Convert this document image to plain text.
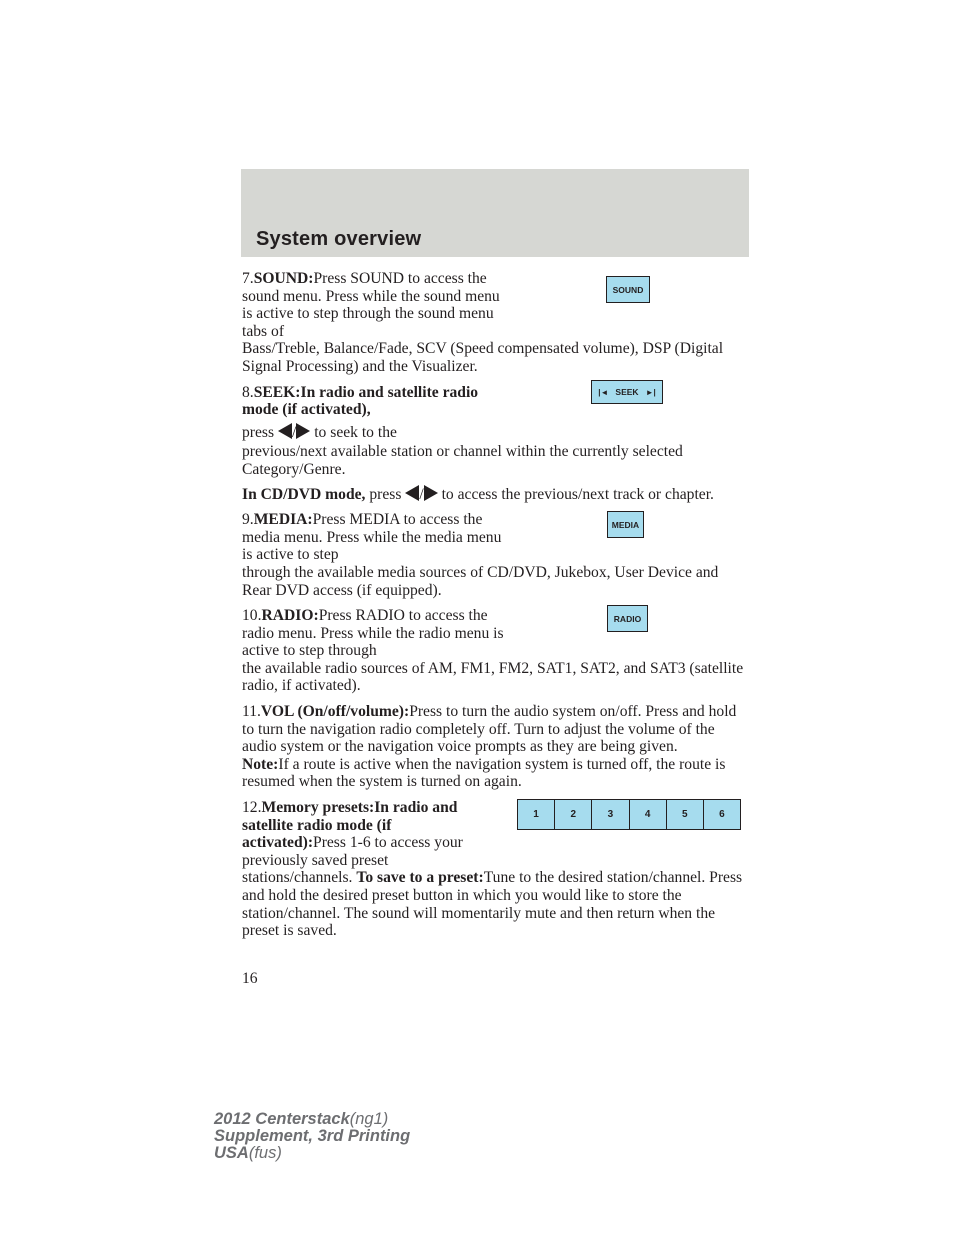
System overview

7.SOUND:Press SOUND to access the sound menu. Press while the sound menu is active to step through the sound menu tabs of

Bass/Treble, Balance/Fade, SCV (Speed compensated volume), DSP (Digital Signal Processing) and the Visualizer.

8.SEEK:In radio and satellite radio mode (if activated),

press / to seek to the

previous/next available station or channel within the currently selected Category/Genre.

In CD/DVD mode, press / to access the previous/next track or chapter.

9.MEDIA:Press MEDIA to access the media menu. Press while the media menu is active to step

through the available media sources of CD/DVD, Jukebox, User Device and Rear DVD access (if equipped).

10.RADIO:Press RADIO to access the radio menu. Press while the radio menu is active to step through

the available radio sources of AM, FM1, FM2, SAT1, SAT2, and SAT3 (satellite radio, if activated).

11.VOL (On/off/volume):Press to turn the audio system on/off. Press and hold to turn the navigation radio completely off. Turn to adjust the volume of the audio system or the navigation voice prompts as they are being given.

Note:If a route is active when the navigation system is turned off, the route is resumed when the system is turned on again.

12.Memory presets:In radio and satellite radio mode (if activated):Press 1-6 to access your previously saved preset

stations/channels. To save to a preset:Tune to the desired station/channel. Press and hold the desired preset button in which you would like to store the station/channel. The sound will momentarily mute and then return when the preset is saved.

SOUND
|◄ SEEK ►|
MEDIA
RADIO
1	2	3	4	5	6
16
2012 Centerstack(ng1)
Supplement, 3rd Printing
USA(fus)
